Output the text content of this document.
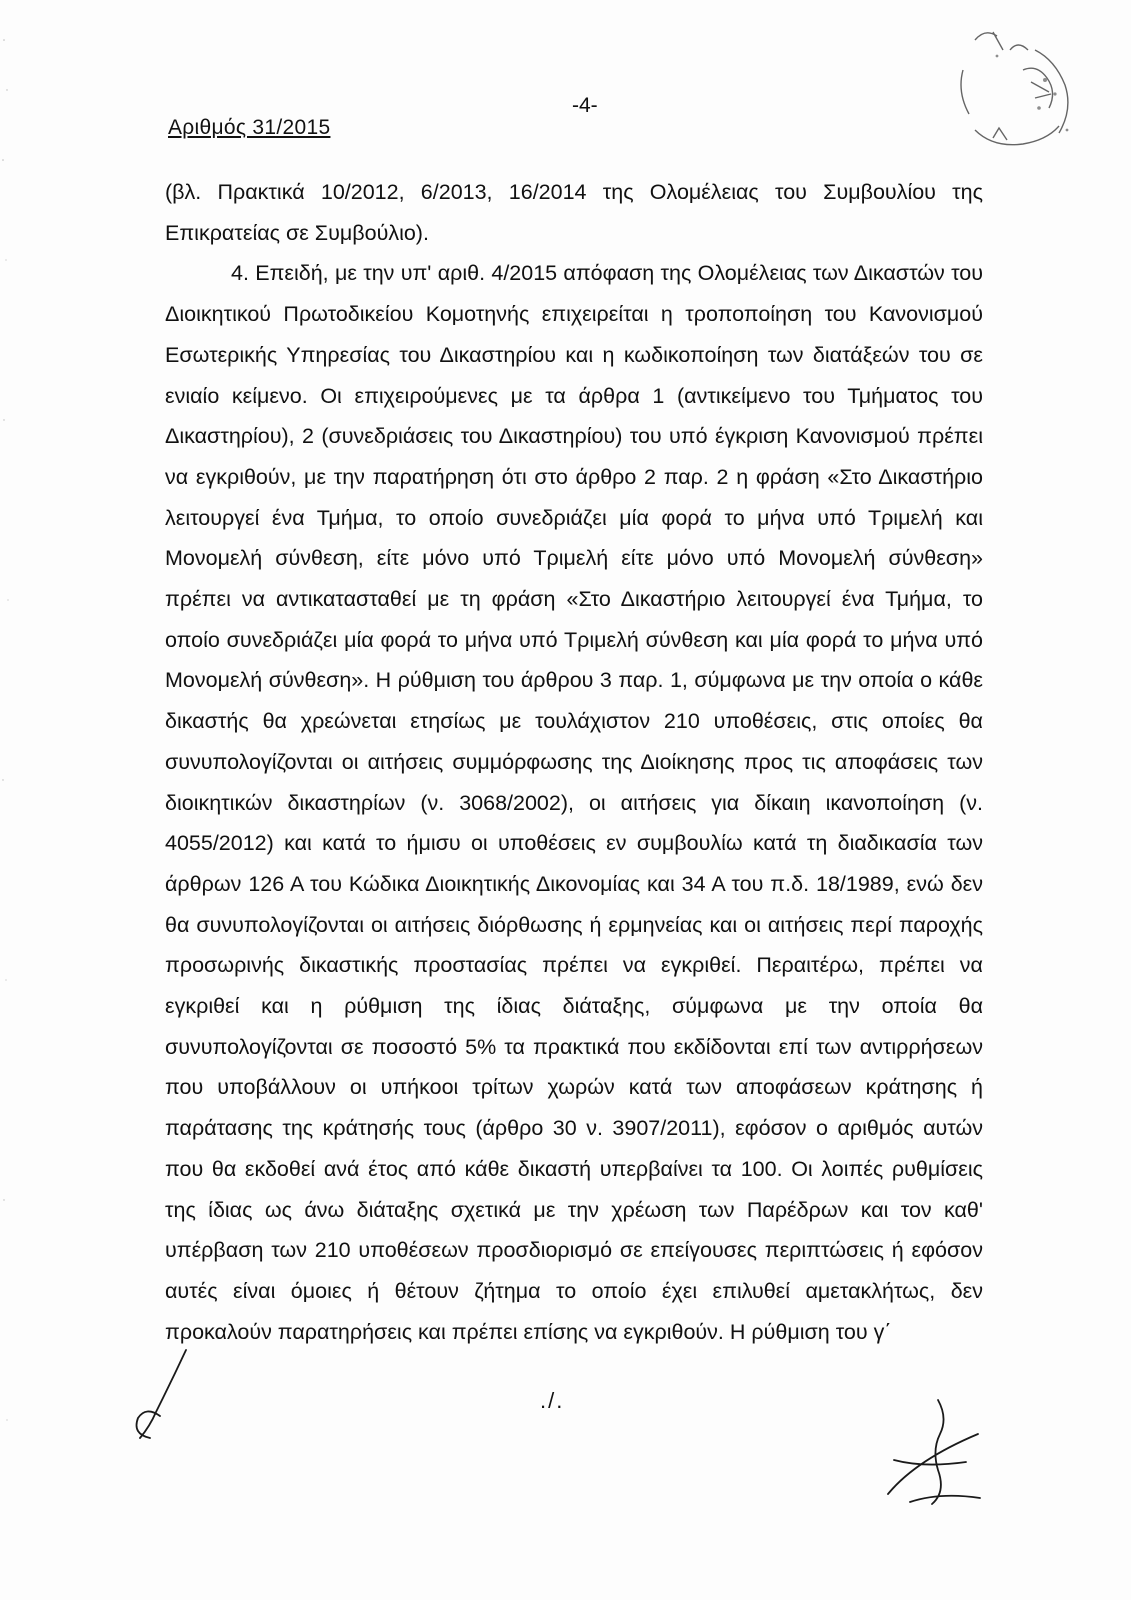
Αριθμός 31/2015
-4-

(βλ. Πρακτικά 10/2012, 6/2013, 16/2014 της Ολομέλειας του Συμβουλίου της Επικρατείας σε Συμβούλιο).

4. Επειδή, με την υπ' αριθ. 4/2015 απόφαση της Ολομέλειας των Δικαστών του Διοικητικού Πρωτοδικείου Κομοτηνής επιχειρείται η τροποποίηση του Κανονισμού Εσωτερικής Υπηρεσίας του Δικαστηρίου και η κωδικοποίηση των διατάξεών του σε ενιαίο κείμενο. Οι επιχειρούμενες με τα άρθρα 1 (αντικείμενο του Τμήματος του Δικαστηρίου), 2 (συνεδριάσεις του Δικαστηρίου) του υπό έγκριση Κανονισμού πρέπει να εγκριθούν, με την παρατήρηση ότι στο άρθρο 2 παρ. 2 η φράση «Στο Δικαστήριο λειτουργεί ένα Τμήμα, το οποίο συνεδριάζει μία φορά το μήνα υπό Τριμελή και Μονομελή σύνθεση, είτε μόνο υπό Τριμελή είτε μόνο υπό Μονομελή σύνθεση» πρέπει να αντικατασταθεί με τη φράση «Στο Δικαστήριο λειτουργεί ένα Τμήμα, το οποίο συνεδριάζει μία φορά το μήνα υπό Τριμελή σύνθεση και μία φορά το μήνα υπό Μονομελή σύνθεση». Η ρύθμιση του άρθρου 3 παρ. 1, σύμφωνα με την οποία ο κάθε δικαστής θα χρεώνεται ετησίως με τουλάχιστον 210 υποθέσεις, στις οποίες θα συνυπολογίζονται οι αιτήσεις συμμόρφωσης της Διοίκησης προς τις αποφάσεις των διοικητικών δικαστηρίων (ν. 3068/2002), οι αιτήσεις για δίκαιη ικανοποίηση (ν. 4055/2012) και κατά το ήμισυ οι υποθέσεις εν συμβουλίω κατά τη διαδικασία των άρθρων 126 Α του Κώδικα Διοικητικής Δικονομίας και 34 Α του π.δ. 18/1989, ενώ δεν θα συνυπολογίζονται οι αιτήσεις διόρθωσης ή ερμηνείας και οι αιτήσεις περί παροχής προσωρινής δικαστικής προστασίας πρέπει να εγκριθεί. Περαιτέρω, πρέπει να εγκριθεί και η ρύθμιση της ίδιας διάταξης, σύμφωνα με την οποία θα συνυπολογίζονται σε ποσοστό 5% τα πρακτικά που εκδίδονται επί των αντιρρήσεων που υποβάλλουν οι υπήκοοι τρίτων χωρών κατά των αποφάσεων κράτησης ή παράτασης της κράτησής τους (άρθρο 30 ν. 3907/2011), εφόσον ο αριθμός αυτών που θα εκδοθεί ανά έτος από κάθε δικαστή υπερβαίνει τα 100. Οι λοιπές ρυθμίσεις της ίδιας ως άνω διάταξης σχετικά με την χρέωση των Παρέδρων και τον καθ' υπέρβαση των 210 υποθέσεων προσδιορισμό σε επείγουσες περιπτώσεις ή εφόσον αυτές είναι όμοιες ή θέτουν ζήτημα το οποίο έχει επιλυθεί αμετακλήτως, δεν προκαλούν παρατηρήσεις και πρέπει επίσης να εγκριθούν. Η ρύθμιση του γ΄

./.
